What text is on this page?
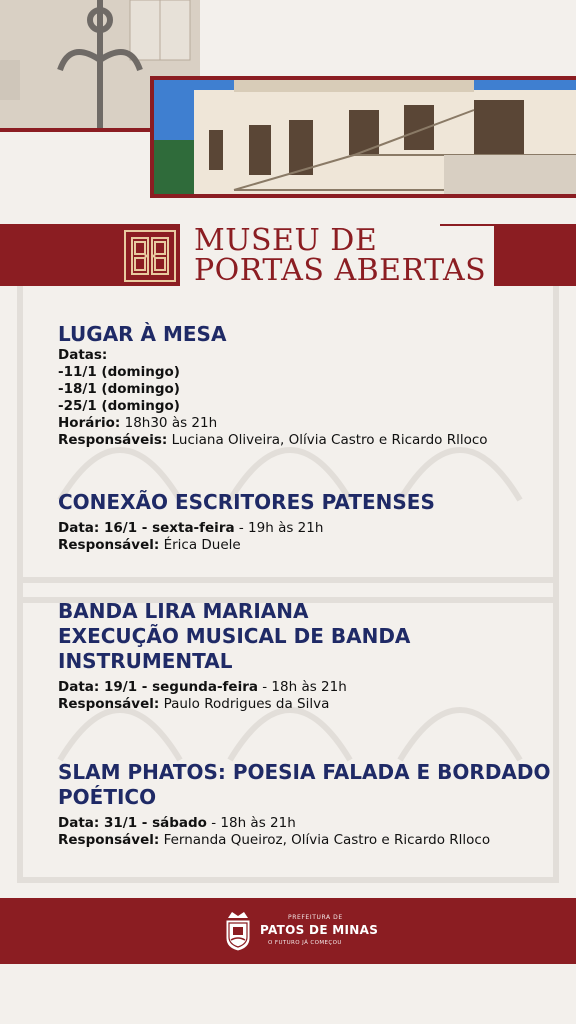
MUSEU DE
PORTAS ABERTAS
LUGAR À MESA
Datas:
-11/1 (domingo)
-18/1 (domingo)
-25/1 (domingo)
Horário: 18h30 às 21h
Responsáveis: Luciana Oliveira, Olívia Castro e Ricardo Rlloco
CONEXÃO ESCRITORES PATENSES
Data: 16/1 - sexta-feira - 19h às 21h
Responsável: Érica Duele
BANDA LIRA MARIANA
EXECUÇÃO MUSICAL DE BANDA
INSTRUMENTAL
Data: 19/1 - segunda-feira - 18h às 21h
Responsável: Paulo Rodrigues da Silva
SLAM PHATOS: POESIA FALADA E BORDADO
POÉTICO
Data: 31/1 - sábado - 18h às 21h
Responsável: Fernanda Queiroz, Olívia Castro e Ricardo Rlloco
PREFEITURA DE
PATOS DE MINAS
O FUTURO JÁ COMEÇOU
